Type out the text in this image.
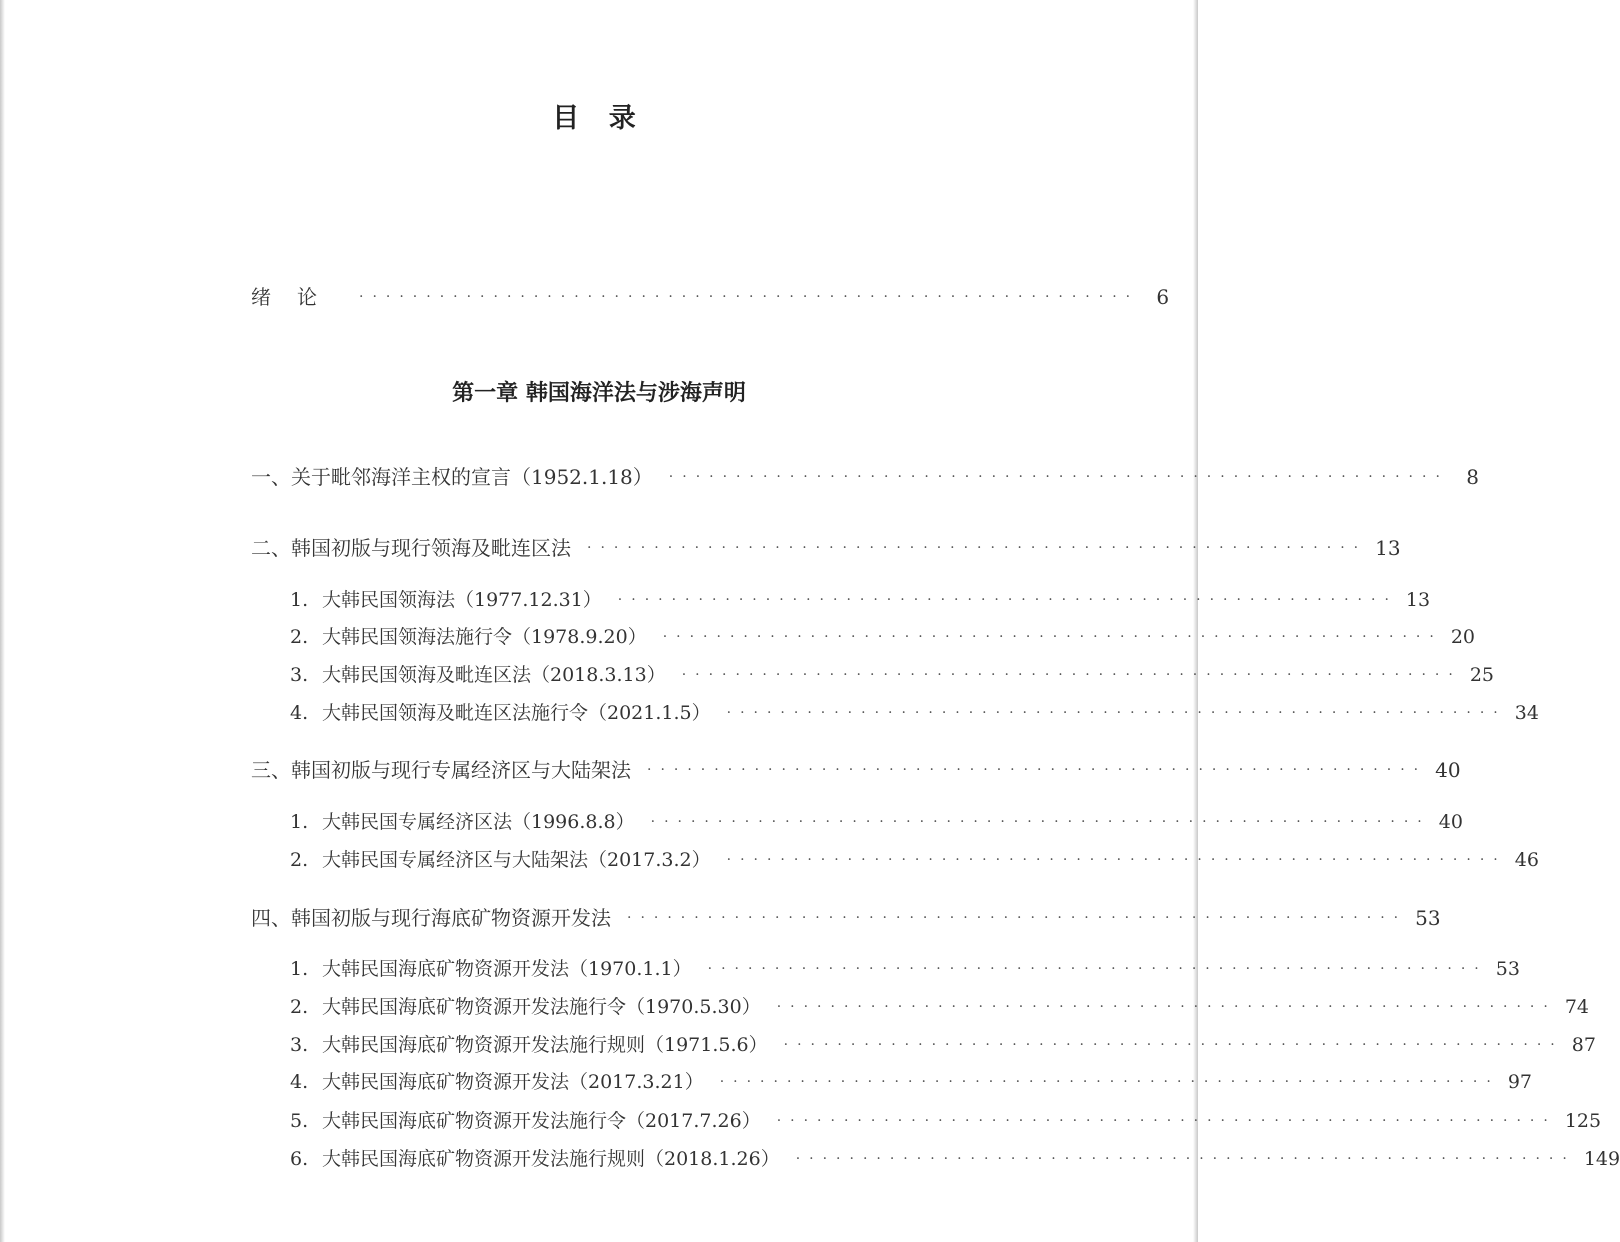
目 录
绪论 ·························································· 6
第一章 韩国海洋法与涉海声明
一、关于毗邻海洋主权的宣言（1952.1.18） ·························································· 8
二、韩国初版与现行领海及毗连区法 ·························································· 13
1. 大韩民国领海法（1977.12.31） ·························································· 13
2. 大韩民国领海法施行令（1978.9.20） ·························································· 20
3. 大韩民国领海及毗连区法（2018.3.13） ·························································· 25
4. 大韩民国领海及毗连区法施行令（2021.1.5） ·························································· 34
三、韩国初版与现行专属经济区与大陆架法 ·························································· 40
1. 大韩民国专属经济区法（1996.8.8） ·························································· 40
2. 大韩民国专属经济区与大陆架法（2017.3.2） ·························································· 46
四、韩国初版与现行海底矿物资源开发法 ·························································· 53
1. 大韩民国海底矿物资源开发法（1970.1.1） ·························································· 53
2. 大韩民国海底矿物资源开发法施行令（1970.5.30） ·························································· 74
3. 大韩民国海底矿物资源开发法施行规则（1971.5.6） ·························································· 87
4. 大韩民国海底矿物资源开发法（2017.3.21） ·························································· 97
5. 大韩民国海底矿物资源开发法施行令（2017.7.26） ·························································· 125
6. 大韩民国海底矿物资源开发法施行规则（2018.1.26） ·························································· 149
